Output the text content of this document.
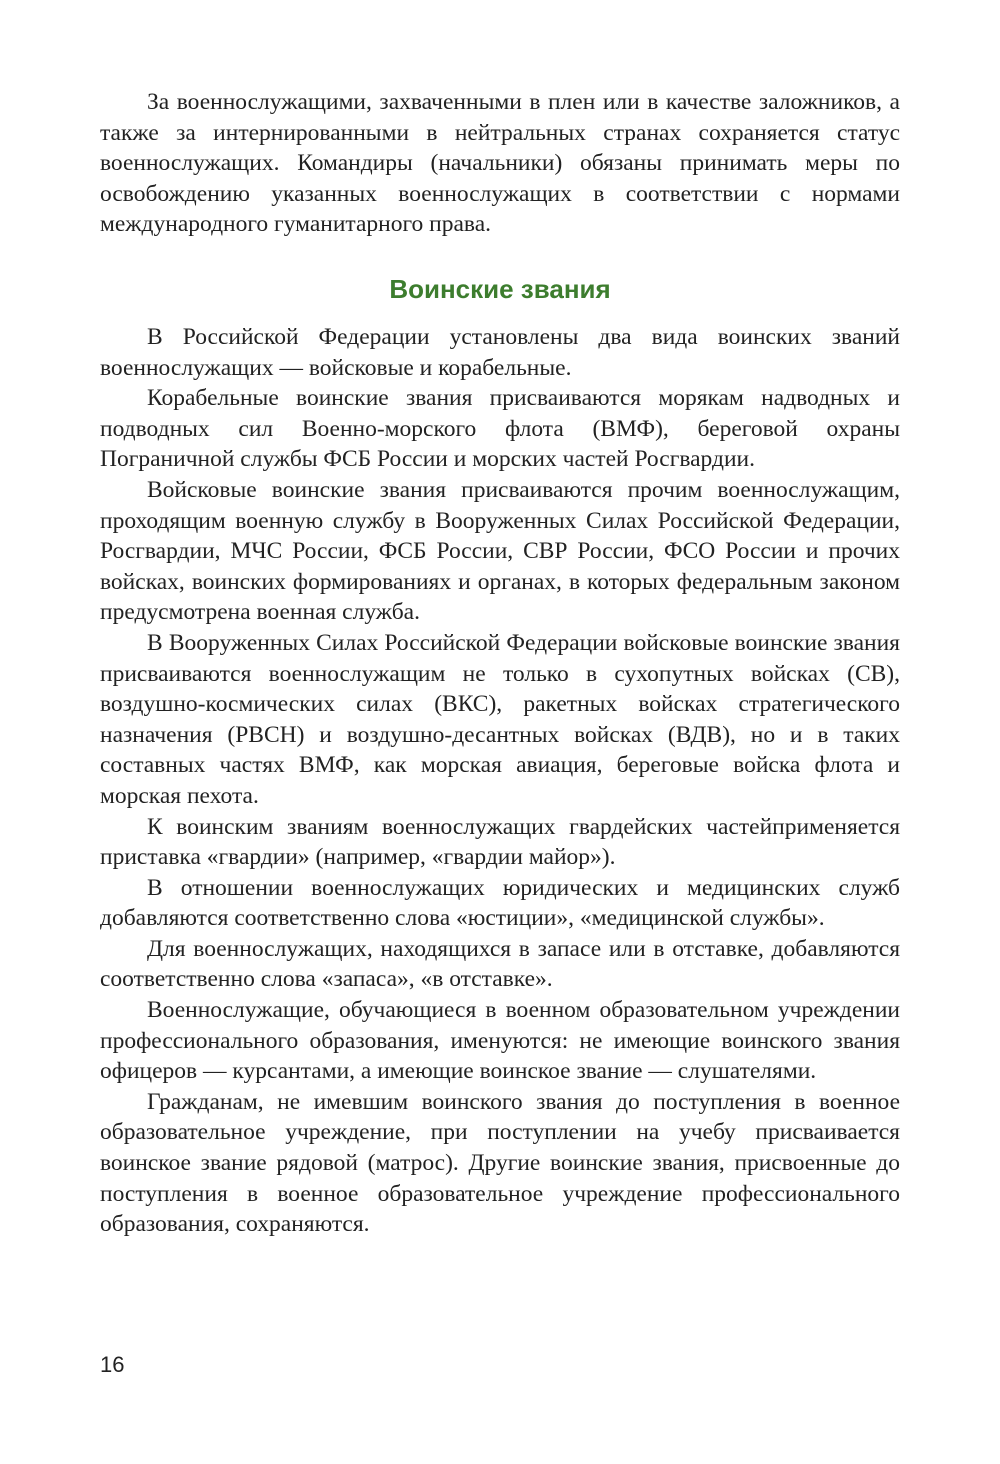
За военнослужащими, захваченными в плен или в качестве заложников, а также за интернированными в нейтральных странах сохраняется статус военнослужащих. Командиры (начальники) обязаны принимать меры по освобождению указанных военнослужащих в соответствии с нормами международного гуманитарного права.

Воинские звания

В Российской Федерации установлены два вида воинских званий военнослужащих — войсковые и корабельные.

Корабельные воинские звания присваиваются морякам надводных и подводных сил Военно-морского флота (ВМФ), береговой охраны Пограничной службы ФСБ России и морских частей Росгвардии.

Войсковые воинские звания присваиваются прочим военнослужащим, проходящим военную службу в Вооруженных Силах Российской Федерации, Росгвардии, МЧС России, ФСБ России, СВР России, ФСО России и прочих войсках, воинских формированиях и органах, в которых федеральным законом предусмотрена военная служба.

В Вооруженных Силах Российской Федерации войсковые воинские звания присваиваются военнослужащим не только в сухопутных войсках (СВ), воздушно-космических силах (ВКС), ракетных войсках стратегического назначения (РВСН) и воздушно-десантных войсках (ВДВ), но и в таких составных частях ВМФ, как морская авиация, береговые войска флота и морская пехота.

К воинским званиям военнослужащих гвардейских частейприменяется приставка «гвардии» (например, «гвардии майор»).

В отношении военнослужащих юридических и медицинских служб добавляются соответственно слова «юстиции», «медицинской службы».

Для военнослужащих, находящихся в запасе или в отставке, добавляются соответственно слова «запаса», «в отставке».

Военнослужащие, обучающиеся в военном образовательном учреждении профессионального образования, именуются: не имеющие воинского звания офицеров — курсантами, а имеющие воинское звание — слушателями.

Гражданам, не имевшим воинского звания до поступления в военное образовательное учреждение, при поступлении на учебу присваивается воинское звание рядовой (матрос). Другие воинские звания, присвоенные до поступления в военное образовательное учреждение профессионального образования, сохраняются.

16
